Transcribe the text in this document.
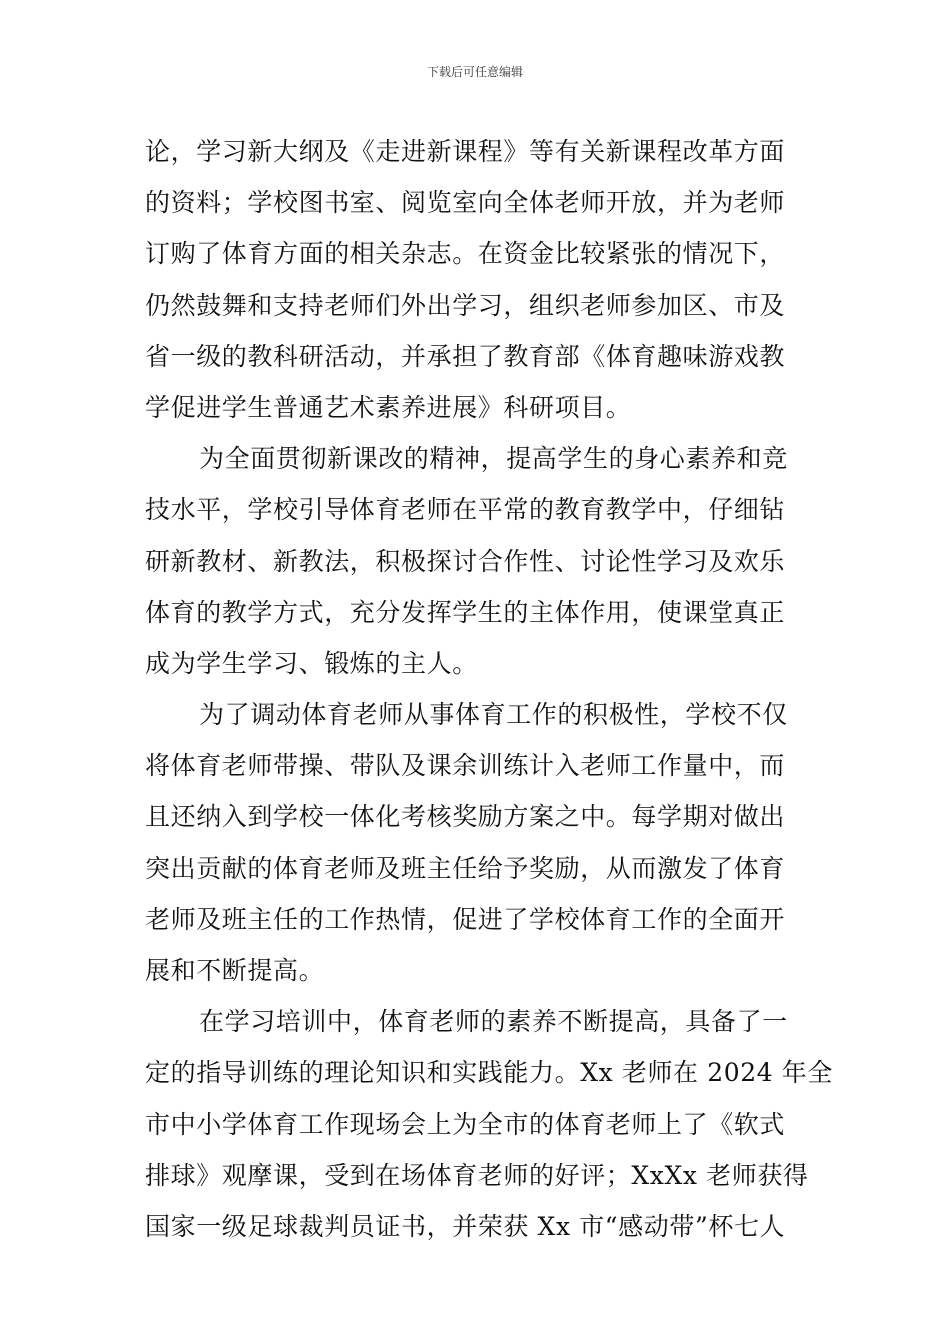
下载后可任意编辑
论，学习新大纲及《走进新课程》等有关新课程改革方面
的资料；学校图书室、阅览室向全体老师开放，并为老师
订购了体育方面的相关杂志。在资金比较紧张的情况下，
仍然鼓舞和支持老师们外出学习，组织老师参加区、市及
省一级的教科研活动，并承担了教育部《体育趣味游戏教
学促进学生普通艺术素养进展》科研项目。
为全面贯彻新课改的精神，提高学生的身心素养和竞
技水平，学校引导体育老师在平常的教育教学中，仔细钻
研新教材、新教法，积极探讨合作性、讨论性学习及欢乐
体育的教学方式，充分发挥学生的主体作用，使课堂真正
成为学生学习、锻炼的主人。
为了调动体育老师从事体育工作的积极性，学校不仅
将体育老师带操、带队及课余训练计入老师工作量中，而
且还纳入到学校一体化考核奖励方案之中。每学期对做出
突出贡献的体育老师及班主任给予奖励，从而激发了体育
老师及班主任的工作热情，促进了学校体育工作的全面开
展和不断提高。
在学习培训中，体育老师的素养不断提高，具备了一
定的指导训练的理论知识和实践能力。Xx 老师在 2024 年全
市中小学体育工作现场会上为全市的体育老师上了《软式
排球》观摩课，受到在场体育老师的好评；XxXx 老师获得
国家一级足球裁判员证书，并荣获 Xx 市“感动带”杯七人
